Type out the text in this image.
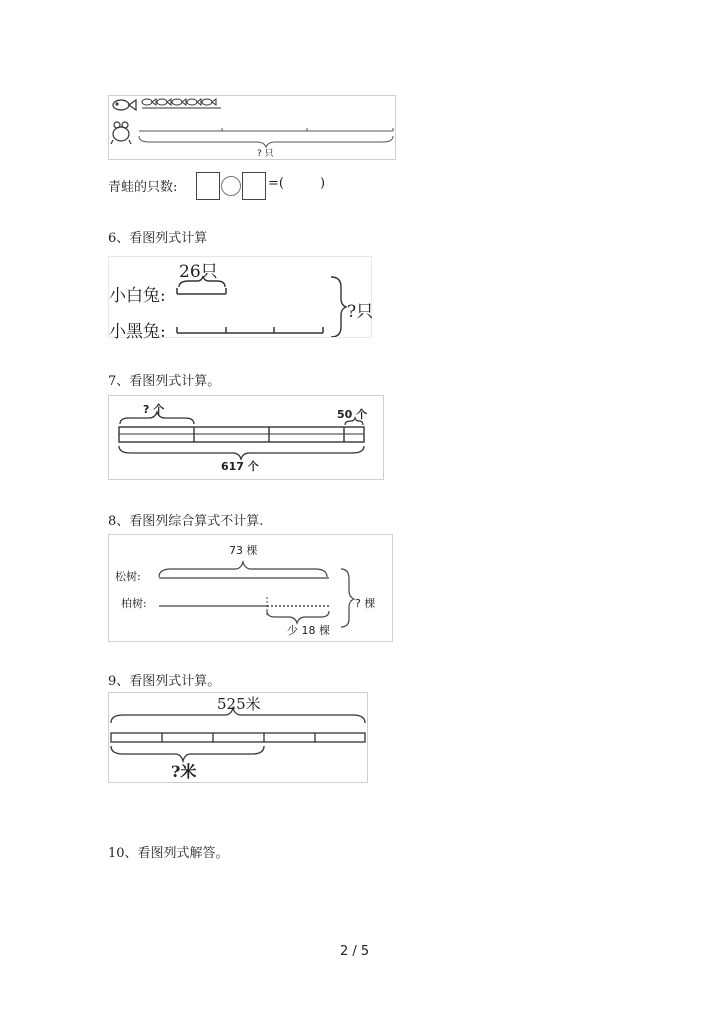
? 只
青蛙的只数:	=(	)
6、看图列式计算
26只
小白兔:
小黑兔:
?只
7、看图列式计算。
? 个	50 个
617 个
8、看图列综合算式不计算.
73 棵
松树:
柏树:
少 18 棵
? 棵
9、看图列式计算。
525米
?米
10、看图列式解答。
2 / 5
